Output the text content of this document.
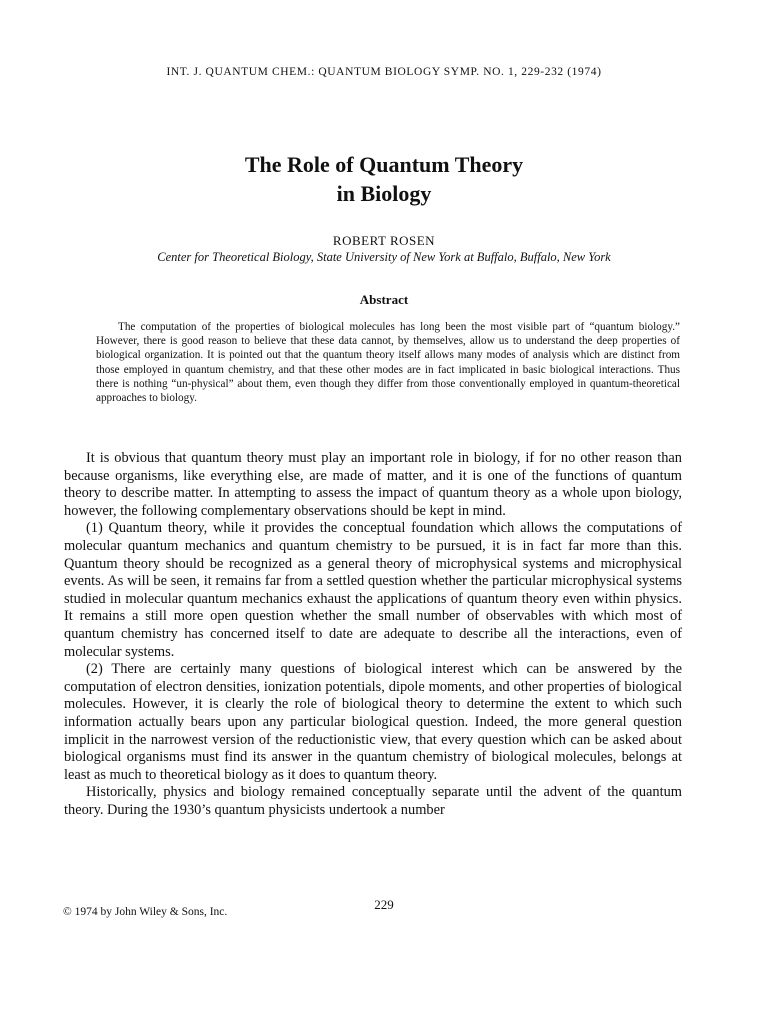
INT. J. QUANTUM CHEM.: QUANTUM BIOLOGY SYMP. NO. 1, 229-232 (1974)
The Role of Quantum Theory
in Biology
ROBERT ROSEN
Center for Theoretical Biology, State University of New York at Buffalo, Buffalo, New York
Abstract

The computation of the properties of biological molecules has long been the most visible part of “quantum biology.” However, there is good reason to believe that these data cannot, by themselves, allow us to understand the deep properties of biological organization. It is pointed out that the quantum theory itself allows many modes of analysis which are distinct from those employed in quantum chemistry, and that these other modes are in fact implicated in basic biological interactions. Thus there is nothing “un-physical” about them, even though they differ from those conventionally employed in quantum-theoretical approaches to biology.

It is obvious that quantum theory must play an important role in biology, if for no other reason than because organisms, like everything else, are made of matter, and it is one of the functions of quantum theory to describe matter. In attempting to assess the impact of quantum theory as a whole upon biology, however, the following complementary observations should be kept in mind.

(1) Quantum theory, while it provides the conceptual foundation which allows the computations of molecular quantum mechanics and quantum chemistry to be pursued, it is in fact far more than this. Quantum theory should be recognized as a general theory of microphysical systems and microphysical events. As will be seen, it remains far from a settled question whether the particular microphysical systems studied in molecular quantum mechanics exhaust the applications of quantum theory even within physics. It remains a still more open question whether the small number of observables with which most of quantum chemistry has concerned itself to date are adequate to describe all the interactions, even of molecular systems.

(2) There are certainly many questions of biological interest which can be answered by the computation of electron densities, ionization potentials, dipole moments, and other properties of biological molecules. However, it is clearly the role of biological theory to determine the extent to which such information actually bears upon any particular biological question. Indeed, the more general question implicit in the narrowest version of the reductionistic view, that every question which can be asked about biological organisms must find its answer in the quantum chemistry of biological molecules, belongs at least as much to theoretical biology as it does to quantum theory.

Historically, physics and biology remained conceptually separate until the advent of the quantum theory. During the 1930’s quantum physicists undertook a number

229
© 1974 by John Wiley & Sons, Inc.
